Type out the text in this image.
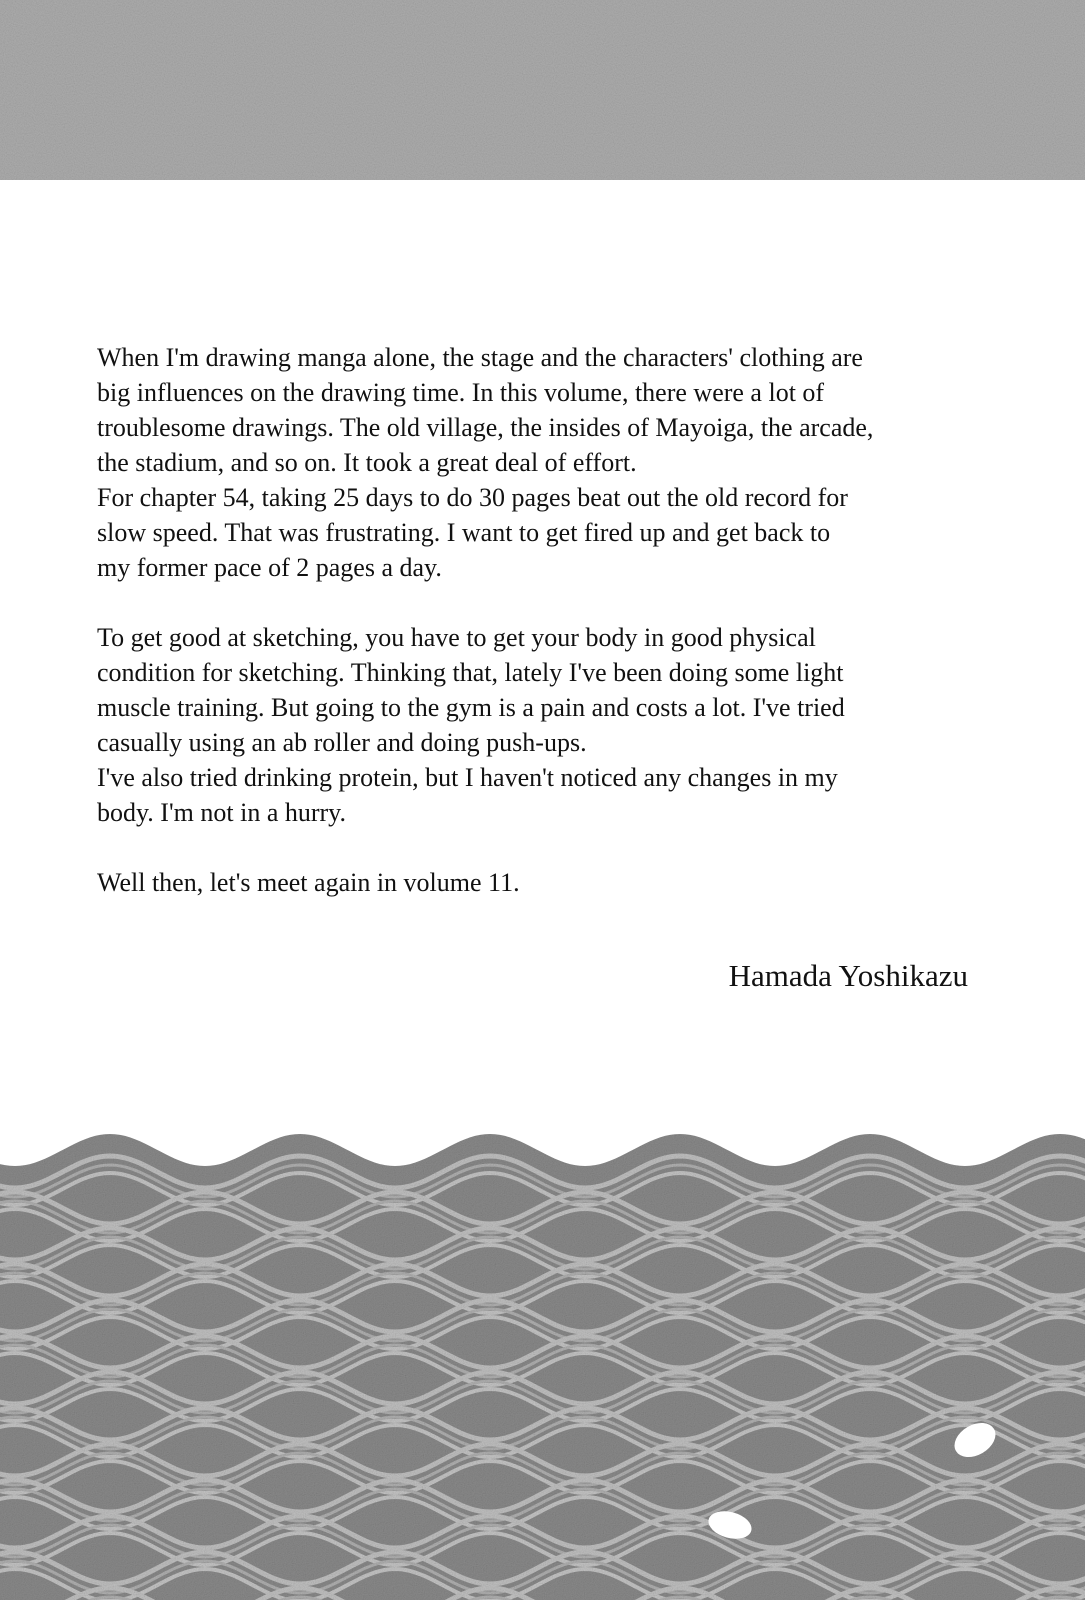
When I'm drawing manga alone, the stage and the characters' clothing are
big influences on the drawing time. In this volume, there were a lot of
troublesome drawings. The old village, the insides of Mayoiga, the arcade,
the stadium, and so on. It took a great deal of effort.
For chapter 54, taking 25 days to do 30 pages beat out the old record for
slow speed. That was frustrating. I want to get fired up and get back to
my former pace of 2 pages a day.
To get good at sketching, you have to get your body in good physical
condition for sketching. Thinking that, lately I've been doing some light
muscle training. But going to the gym is a pain and costs a lot. I've tried
casually using an ab roller and doing push-ups.
I've also tried drinking protein, but I haven't noticed any changes in my
body. I'm not in a hurry.
Well then, let's meet again in volume 11.
Hamada Yoshikazu
